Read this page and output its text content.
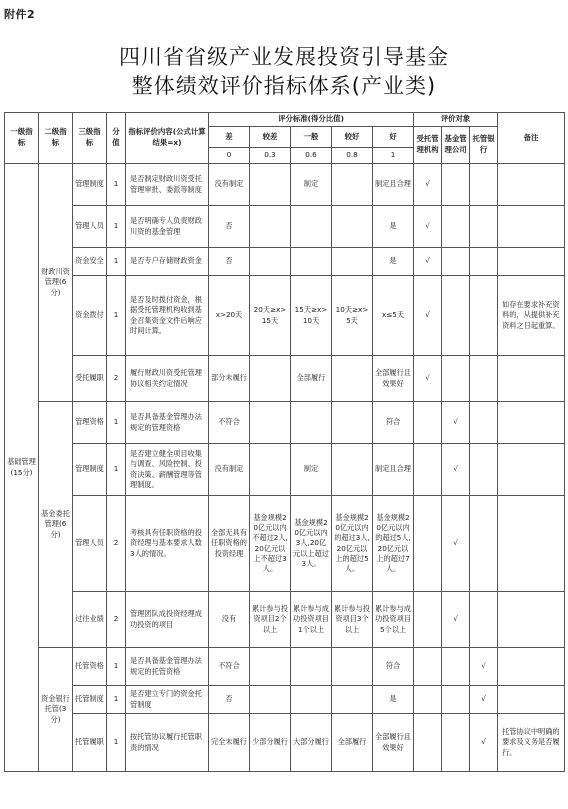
附件2
四川省省级产业发展投资引导基金
整体绩效评价指标体系(产业类)
一级指标	二级指标	三级指标	分值	指标评价内容(公式计算结果=x)	评分标准(得分比值)					评价对象			备注
					差	较差	一般	较好	好	受托管理机构	基金管理公司	托管银行	
					0	0.3	0.6	0.8	1				
基础管理(15分)	财政川资管理(6分)	管理制度	1	是否制定财政川资受托管理审批、委派等制度	没有制定		制定		制定且合理	√			
		管理人员	1	是否明确专人负责财政川资的基金管理	否				是	√			
		资金安全	1	是否专户存储财政资金	否				是	√			
		资金拨付	1	是否及时拨付资金，根据受托管理机构收到基金召集资金文件后响应时间计算。	x>20天	20天≥x>15天	15天≥x>10天	10天≥x>5天	x≤5天	√			如存在要求补充资料的，从提供补充资料之日起重算。
		受托履职	2	履行财政川资受托管理协议相关约定情况	部分未履行		全部履行		全部履行且效果好	√			
	基金委托管理(6分)	管理资格	1	是否具备基金管理办法规定的管理资格	不符合				符合		√		
		管理制度	1	是否建立健全项目收集与调查、风险控制、投资决策、薪酬管理等管理制度。	没有制定		制定		制定且合理		√		
		管理人员	2	考核具有任职资格的投资经理与基本要求人数3人的情况。	全部无具有任职资格的投资经理	基金规模20亿元以内不超过2人,20亿元以上不超过3人。	基金规模20亿元以内3人,20亿元以上超过3人。	基金规模20亿元以内的超过3人,20亿元以上的超过5人。	基金规模20亿元以内的超过5人,20亿元以上的超过7人。		√		
		过往业绩	2	管理团队成投资经理成功投资的项目	没有	累计参与投资项目2个以上	累计参与成功投资项目1个以上	累计参与投资项目3个以上	累计参与成功投资项目5个以上		√		
	资金银行托管(3分)	托管资格	1	是否具备基金管理办法规定的托管资格	不符合				符合			√	
		托管制度	1	是否建立专门的资金托管制度	否				是			√	
		托管履职	1	按托管协议履行托管职责的情况	完全未履行	少部分履行	大部分履行	全部履行	全部履行且效果好			√	托管协议中明确的要求及义务是否履行。
